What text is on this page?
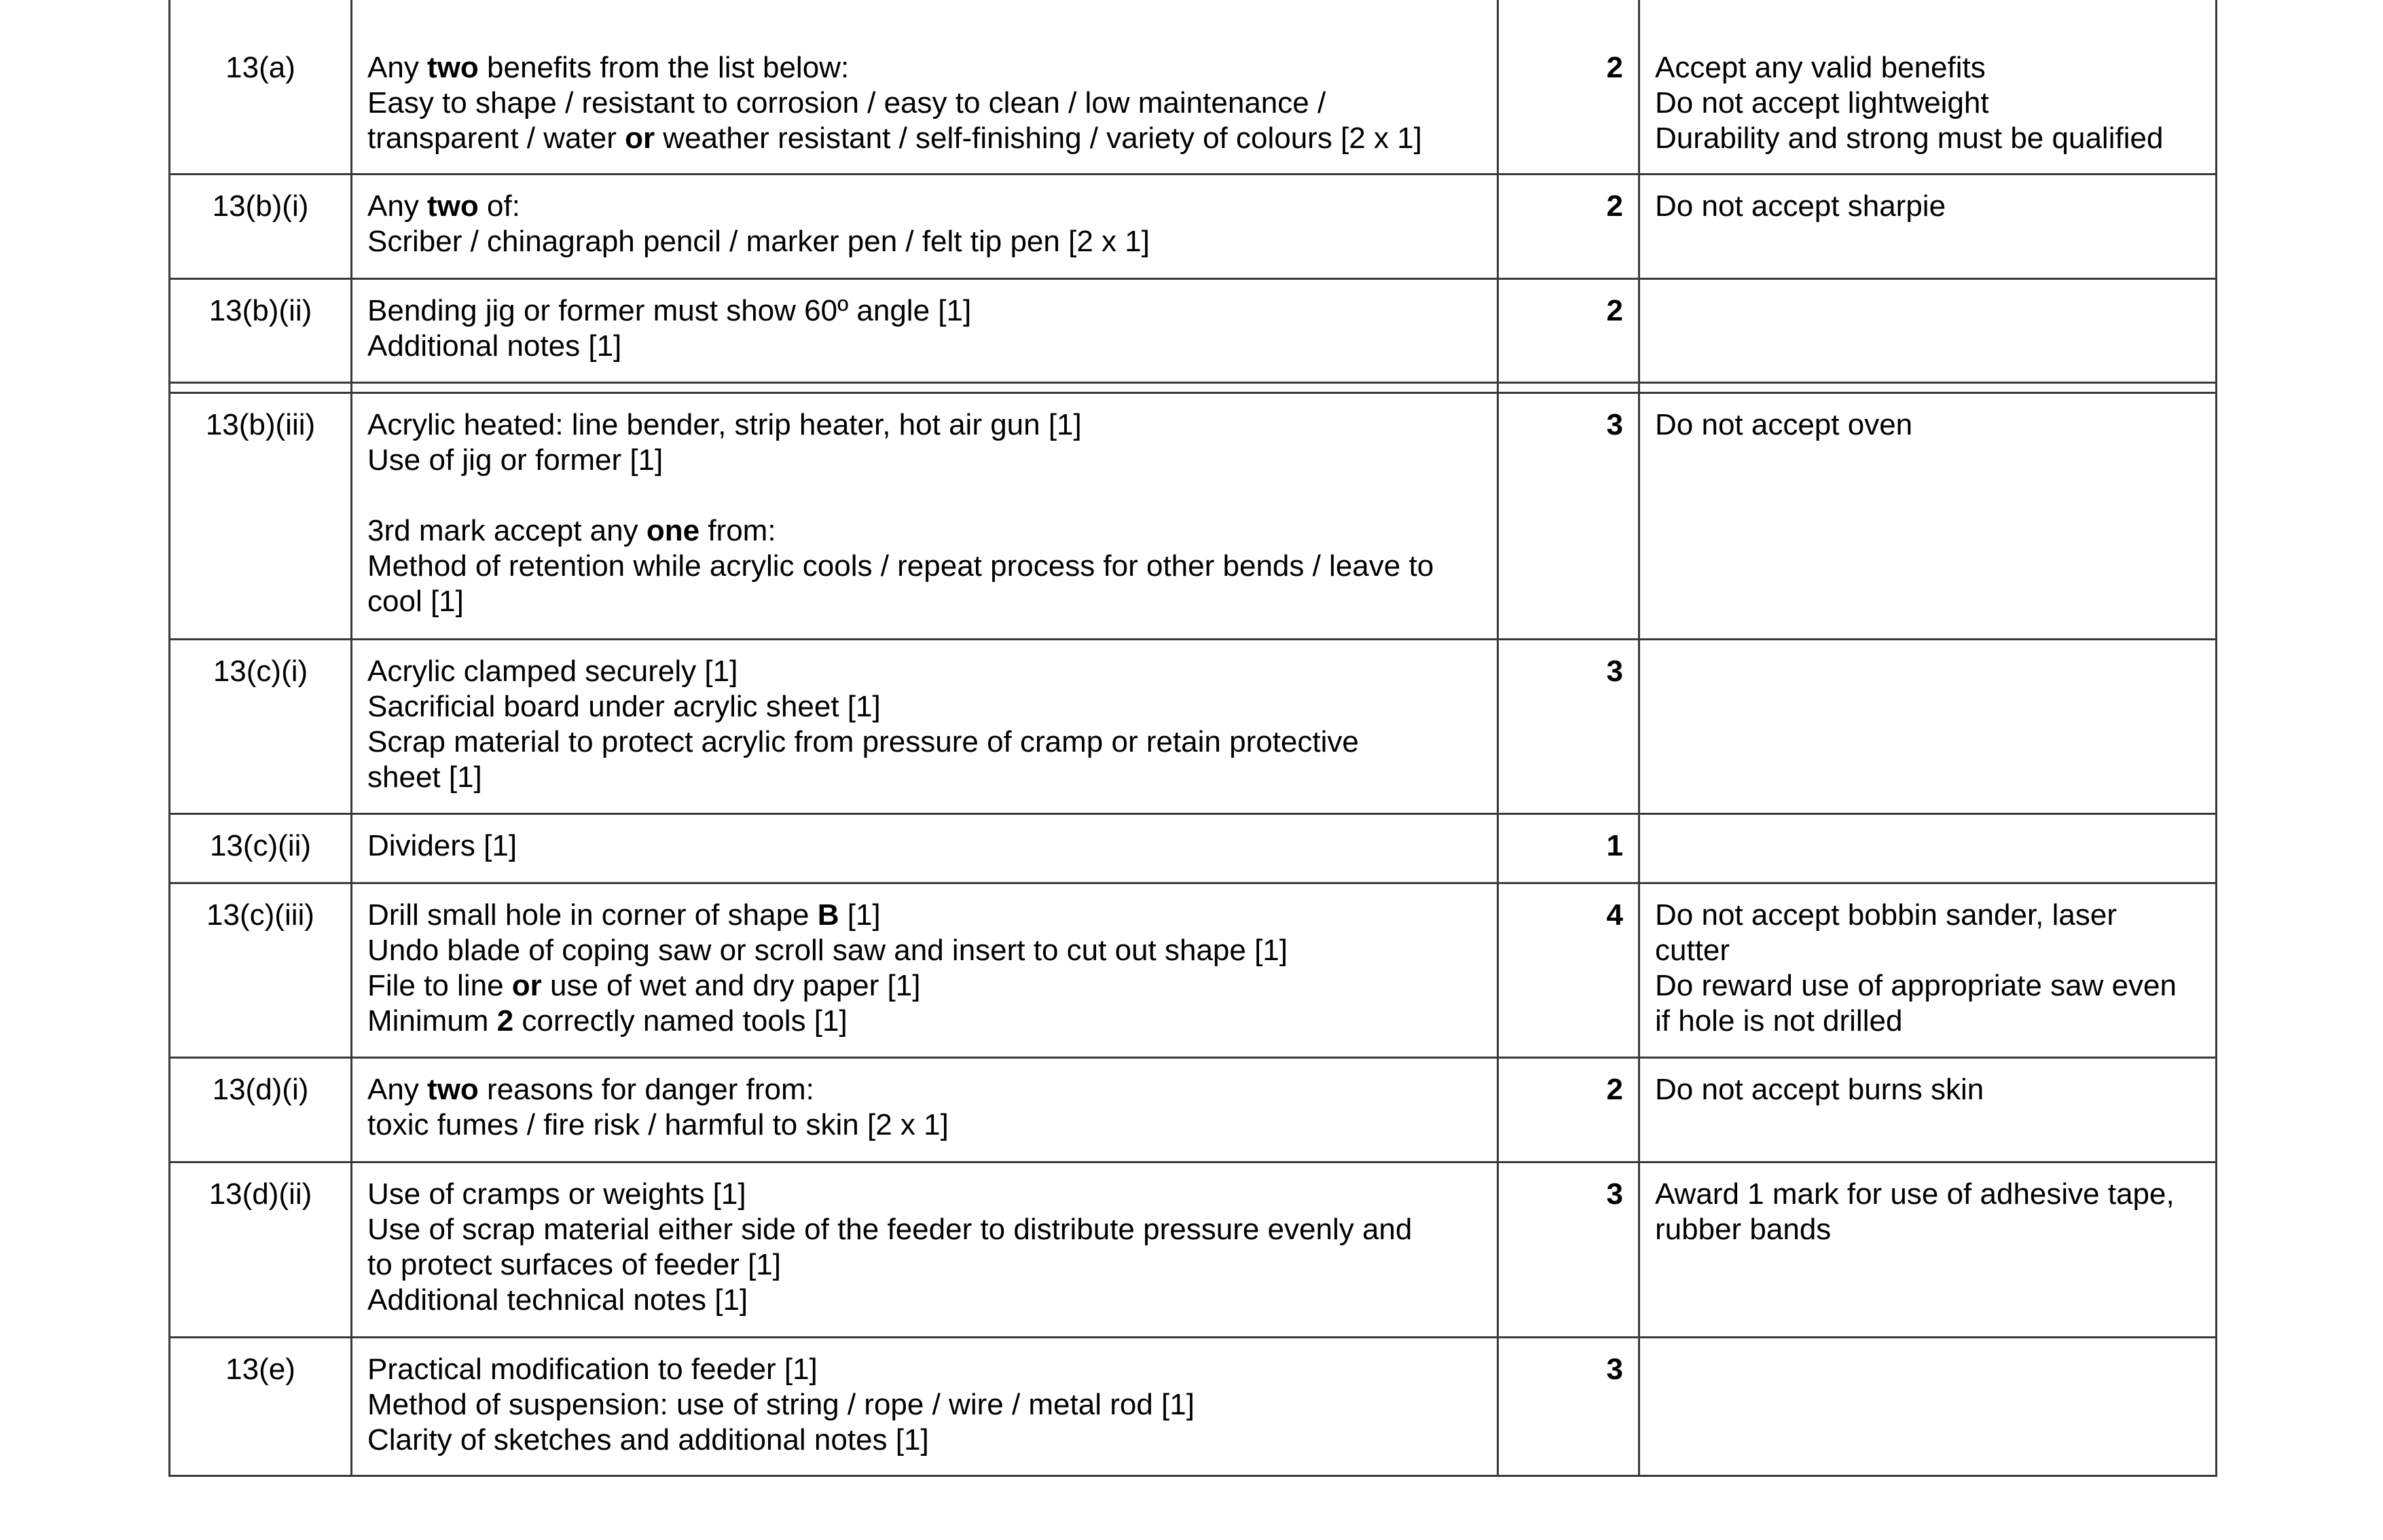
13(a)	Any two benefits from the list below:
Easy to shape / resistant to corrosion / easy to clean / low maintenance /
transparent / water or weather resistant / self-finishing / variety of colours [2 x 1]	2	Accept any valid benefits
Do not accept lightweight
Durability and strong must be qualified

13(b)(i)	Any two of:
Scriber / chinagraph pencil / marker pen / felt tip pen [2 x 1]	2	Do not accept sharpie

13(b)(ii)	Bending jig or former must show 60º angle [1]
Additional notes [1]	2	

13(b)(iii)	Acrylic heated: line bender, strip heater, hot air gun [1]
Use of jig or former [1]
3rd mark accept any one from:
Method of retention while acrylic cools / repeat process for other bends / leave to
cool [1]	3	Do not accept oven

13(c)(i)	Acrylic clamped securely [1]
Sacrificial board under acrylic sheet [1]
Scrap material to protect acrylic from pressure of cramp or retain protective
sheet [1]	3	
13(c)(ii)	Dividers [1]	1	
13(c)(iii)	Drill small hole in corner of shape B [1]
Undo blade of coping saw or scroll saw and insert to cut out shape [1]
File to line or use of wet and dry paper [1]
Minimum 2 correctly named tools [1]	4	Do not accept bobbin sander, laser
cutter
Do reward use of appropriate saw even
if hole is not drilled

13(d)(i)	Any two reasons for danger from:
toxic fumes / fire risk / harmful to skin [2 x 1]	2	Do not accept burns skin

13(d)(ii)	Use of cramps or weights [1]
Use of scrap material either side of the feeder to distribute pressure evenly and
to protect surfaces of feeder [1]
Additional technical notes [1]	3	Award 1 mark for use of adhesive tape,
rubber bands

13(e)	Practical modification to feeder [1]
Method of suspension: use of string / rope / wire / metal rod [1]
Clarity of sketches and additional notes [1]	3	
